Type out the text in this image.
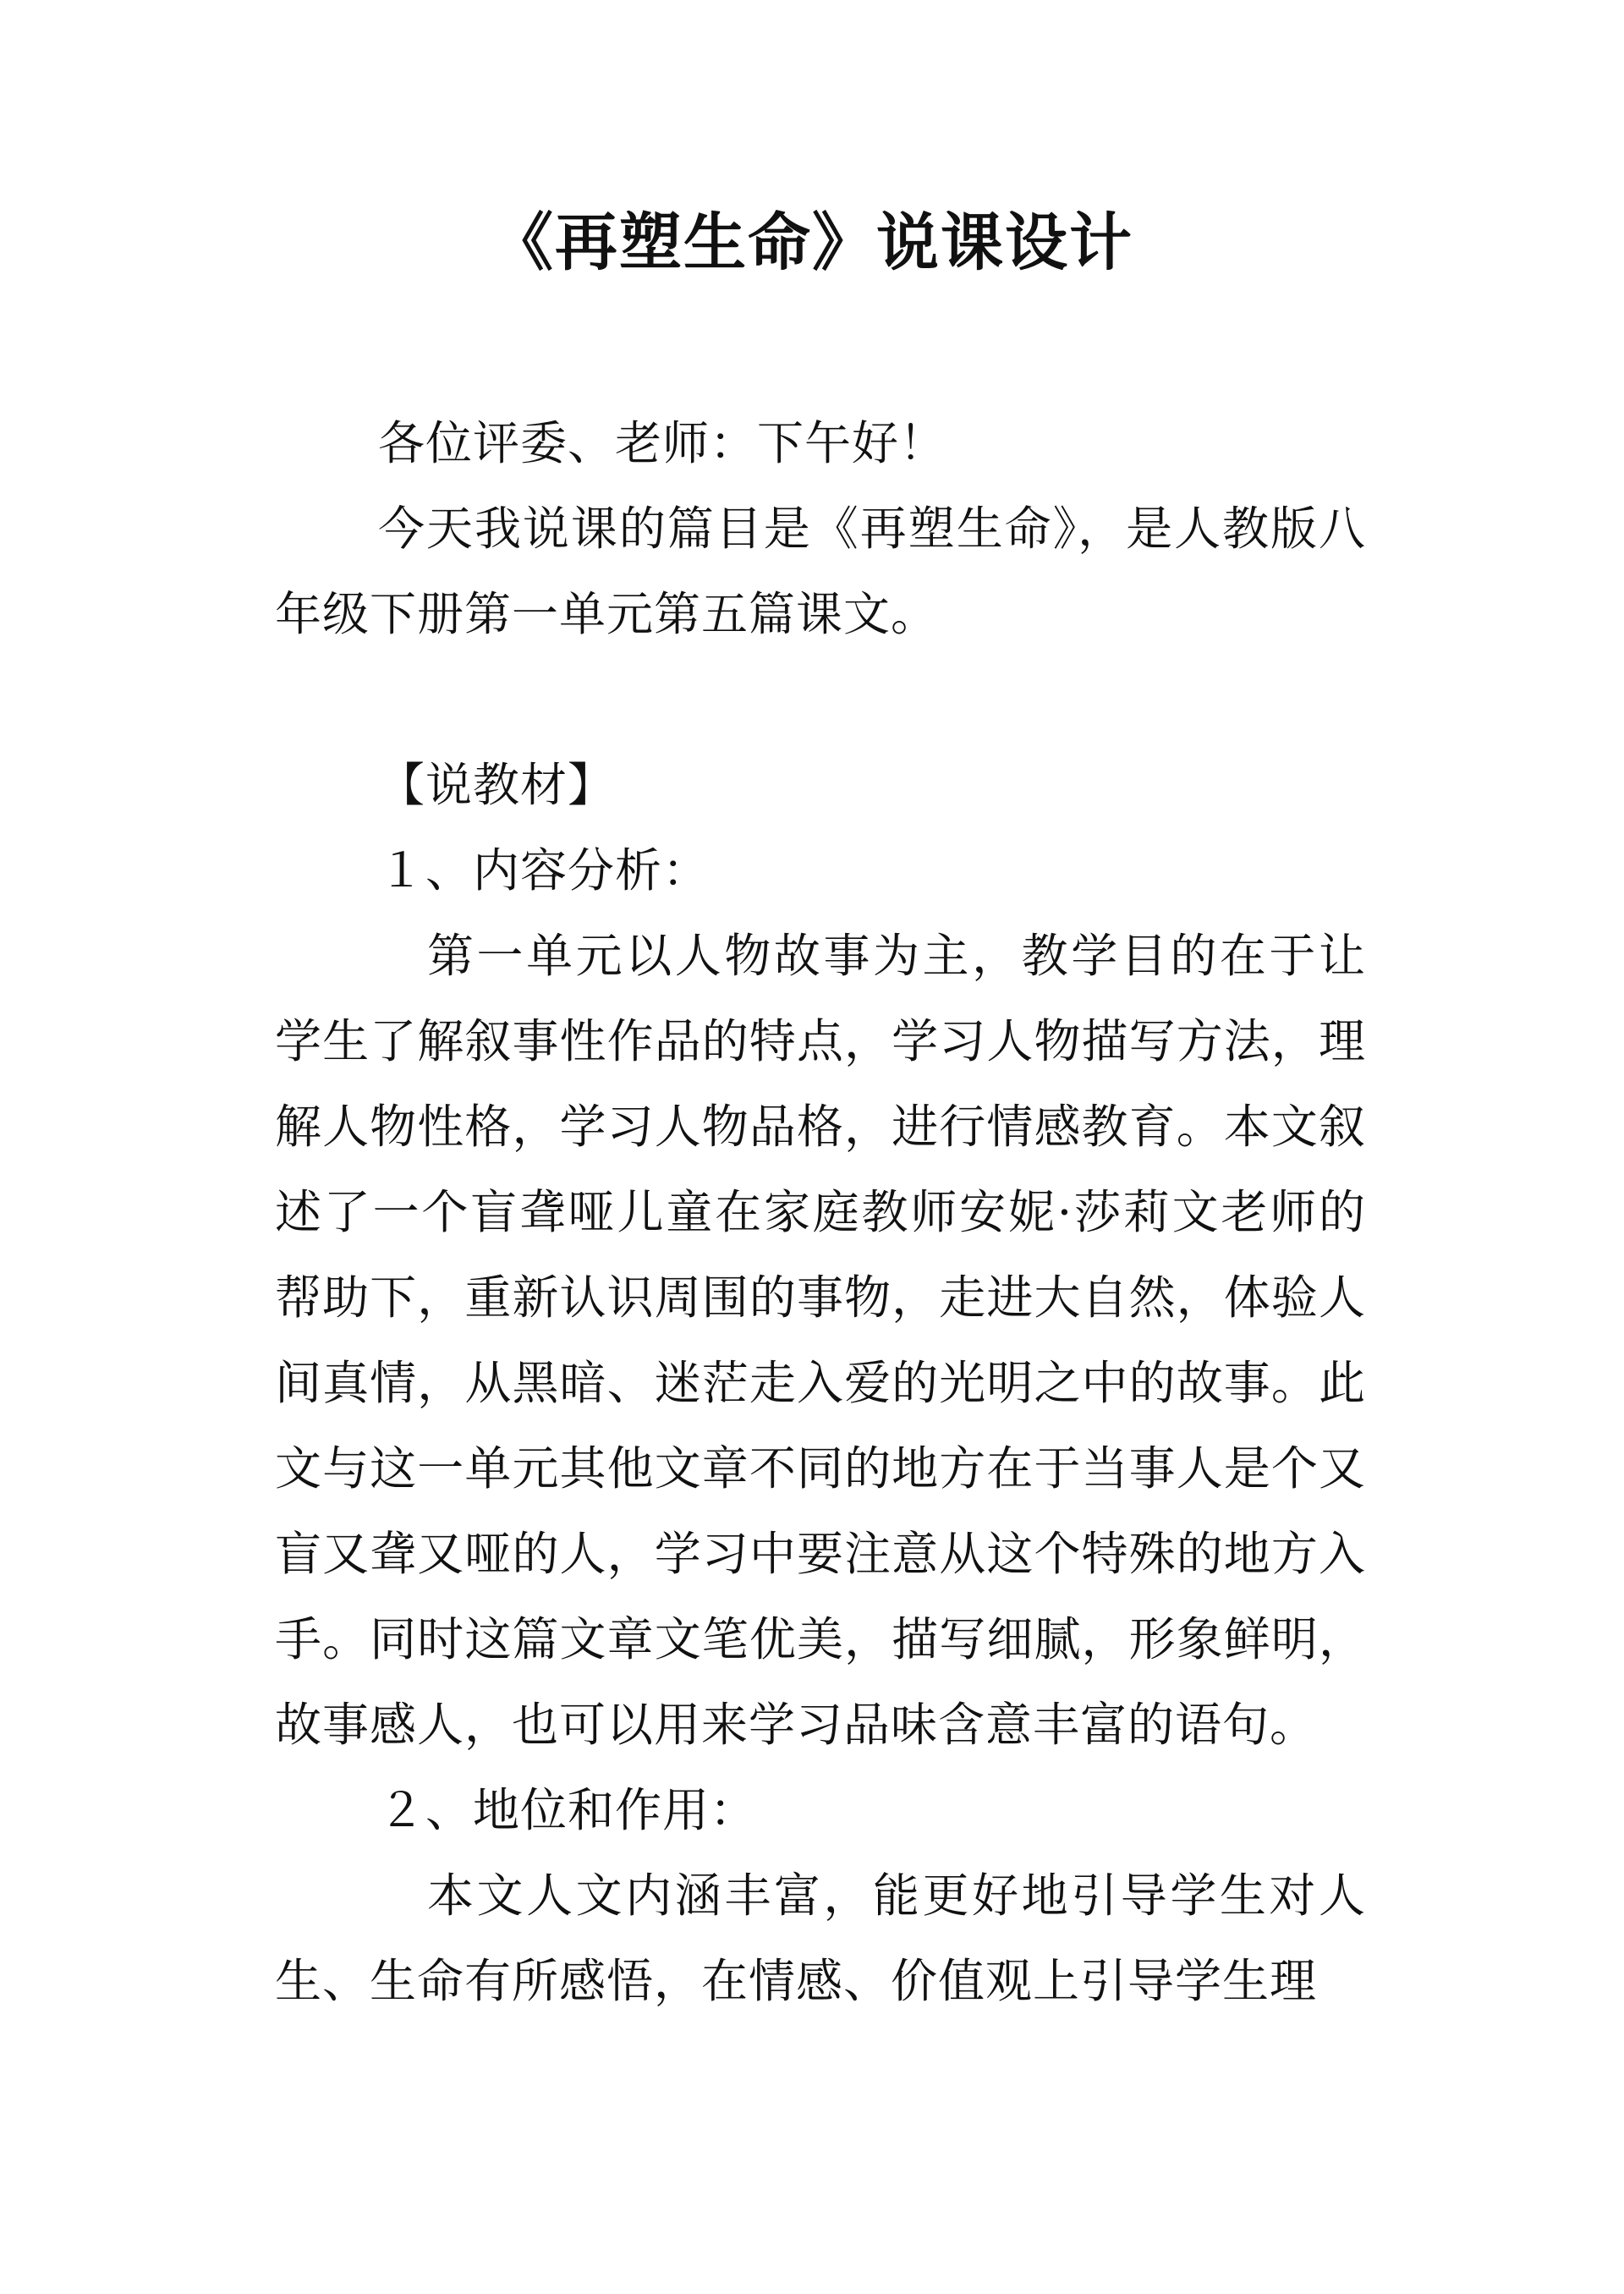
《再塑生命》说课设计

各位评委、老师：下午好！

今天我说课的篇目是《再塑生命》，是人教版八年级下册第一单元第五篇课文。

【说教材】

１、内容分析：

第一单元以人物故事为主，教学目的在于让学生了解叙事性作品的特点，学习人物描写方法，理解人物性格，学习人物品格，进行情感教育。本文叙述了一个盲聋哑儿童在家庭教师安妮·莎莉文老师的帮助下，重新认识周围的事物，走进大自然，体验人间真情，从黑暗、迷茫走入爱的光明之中的故事。此文与这一单元其他文章不同的地方在于当事人是个又盲又聋又哑的人，学习中要注意从这个特殊的地方入手。同时这篇文章文笔优美，描写细腻，形象鲜明，故事感人，也可以用来学习品味含意丰富的语句。

２、地位和作用：

本文人文内涵丰富，能更好地引导学生对人生、生命有所感悟，在情感、价值观上引导学生理
